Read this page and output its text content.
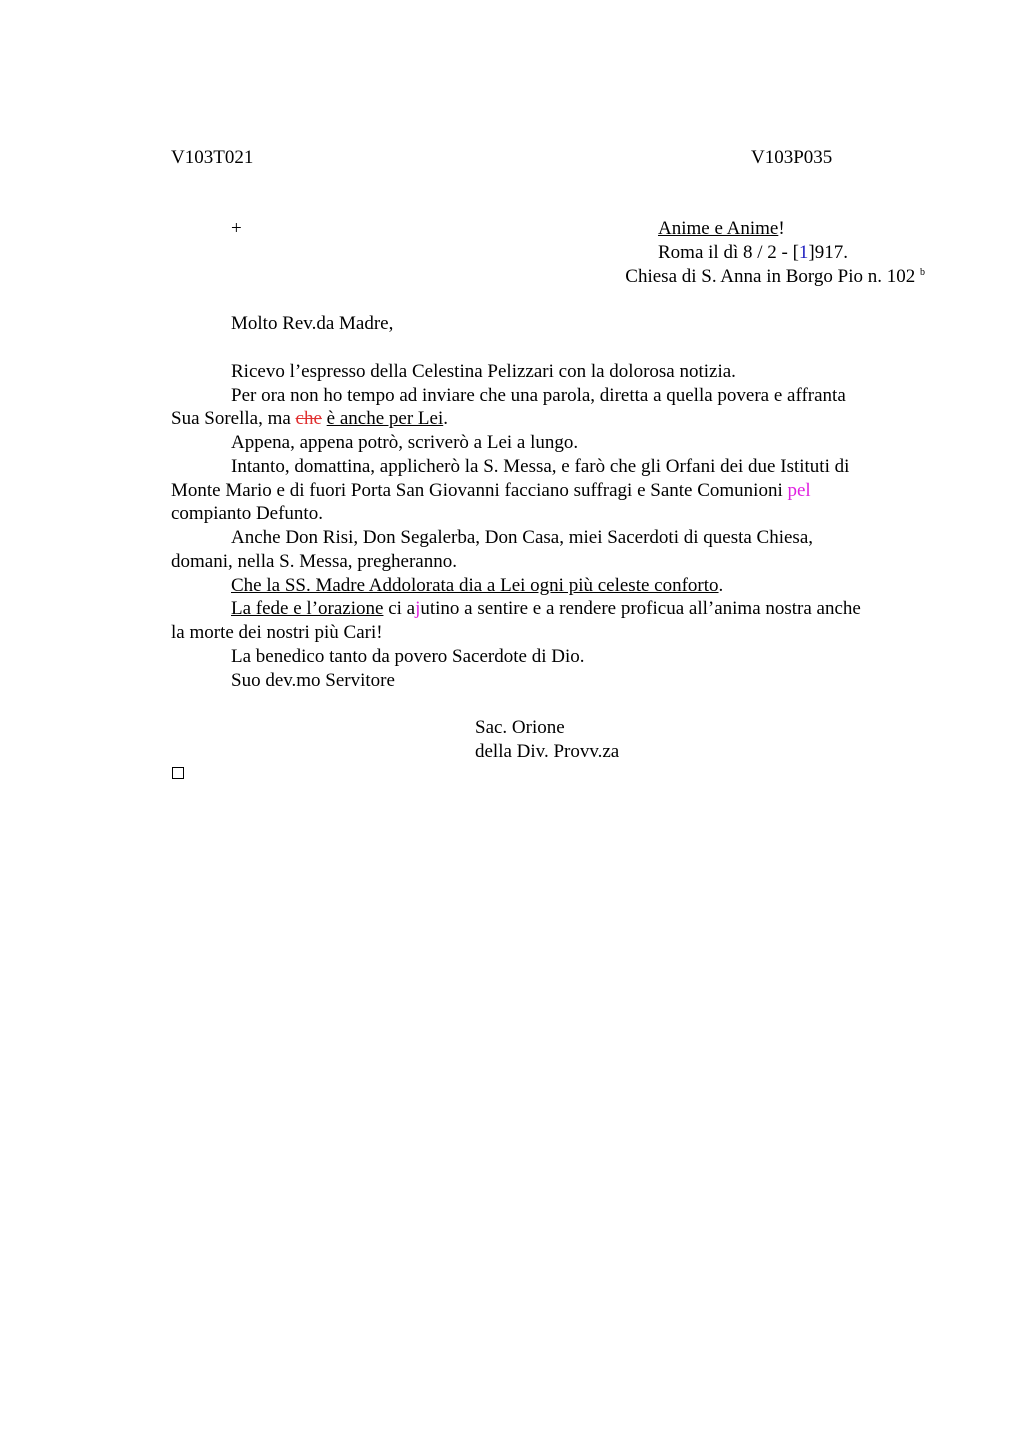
V103T021	V103P035
+	Anime e Anime!
Roma il dì 8 / 2 - [1]917.
Chiesa di S. Anna in Borgo Pio n. 102 $^b$
Molto Rev.da Madre,
Ricevo l’espresso della Celestina Pelizzari con la dolorosa notizia.
Per ora non ho tempo ad inviare che una parola, diretta a quella povera e affranta
Sua Sorella, ma che è anche per Lei.
Appena, appena potrò, scriverò a Lei a lungo.
Intanto, domattina, applicherò la S. Messa, e farò che gli Orfani dei due Istituti di
Monte Mario e di fuori Porta San Giovanni facciano suffragi e Sante Comunioni pel
compianto Defunto.
Anche Don Risi, Don Segalerba, Don Casa, miei Sacerdoti di questa Chiesa,
domani, nella S. Messa, pregheranno.
Che la SS. Madre Addolorata dia a Lei ogni più celeste conforto.
La fede e l’orazione ci ajutino a sentire e a rendere proficua all’anima nostra anche
la morte dei nostri più Cari!
La benedico tanto da povero Sacerdote di Dio.
Suo dev.mo Servitore
Sac. Orione
della Div. Provv.za
